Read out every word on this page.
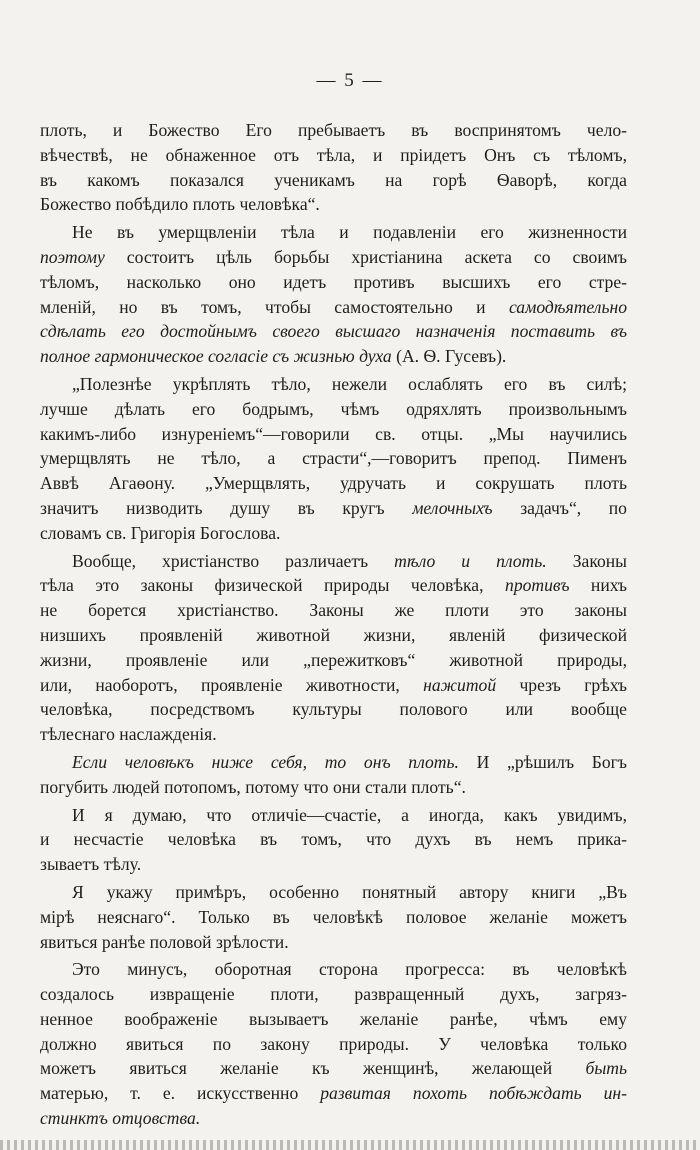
— 5 —
плоть, и Божество Его пребываетъ въ воспринятомъ чело-
вѣчествѣ, не обнаженное отъ тѣла, и пріидетъ Онъ съ тѣломъ,
въ какомъ показался ученикамъ на горѣ Ѳаворѣ, когда
Божество побѣдило плоть человѣка“.
Не въ умерщвленіи тѣла и подавленіи его жизненности
поэтому состоитъ цѣль борьбы христіанина аскета со своимъ
тѣломъ, насколько оно идетъ противъ высшихъ его стре-
мленій, но въ томъ, чтобы самостоятельно и самодѣятельно
сдѣлать его достойнымъ своего высшаго назначенія поставить въ
полное гармоническое согласіе съ жизнью духа (А. Ѳ. Гусевъ).
„Полезнѣе укрѣплять тѣло, нежели ослаблять его въ силѣ;
лучше дѣлать его бодрымъ, чѣмъ одряхлять произвольнымъ
какимъ-либо изнуреніемъ“—говорили св. отцы. „Мы научились
умерщвлять не тѣло, а страсти“,—говоритъ препод. Пименъ
Аввѣ Агаѳону. „Умерщвлять, удручать и сокрушать плоть
значитъ низводить душу въ кругъ мелочныхъ задачъ“, по
словамъ св. Григорія Богослова.
Вообще, христіанство различаетъ тѣло и плоть. Законы
тѣла это законы физической природы человѣка, противъ нихъ
не борется христіанство. Законы же плоти это законы
низшихъ проявленій животной жизни, явленій физической
жизни, проявленіе или „пережитковъ“ животной природы,
или, наоборотъ, проявленіе животности, нажитой чрезъ грѣхъ
человѣка, посредствомъ культуры полового или вообще
тѣлеснаго наслажденія.
Если человѣкъ ниже себя, то онъ плоть. И „рѣшилъ Богъ
погубить людей потопомъ, потому что они стали плоть“.
И я думаю, что отличіе—счастіе, а иногда, какъ увидимъ,
и несчастіе человѣка въ томъ, что духъ въ немъ прика-
зываетъ тѣлу.
Я укажу примѣръ, особенно понятный автору книги „Въ
мірѣ неяснаго“. Только въ человѣкѣ половое желаніе можетъ
явиться ранѣе половой зрѣлости.
Это минусъ, оборотная сторона прогресса: въ человѣкѣ
создалось извращеніе плоти, развращенный духъ, загряз-
ненное воображеніе вызываетъ желаніе ранѣе, чѣмъ ему
должно явиться по закону природы. У человѣка только
можетъ явиться желаніе къ женщинѣ, желающей быть
матерью, т. е. искусственно развитая похоть побѣждать ин-
стинктъ отцовства.
